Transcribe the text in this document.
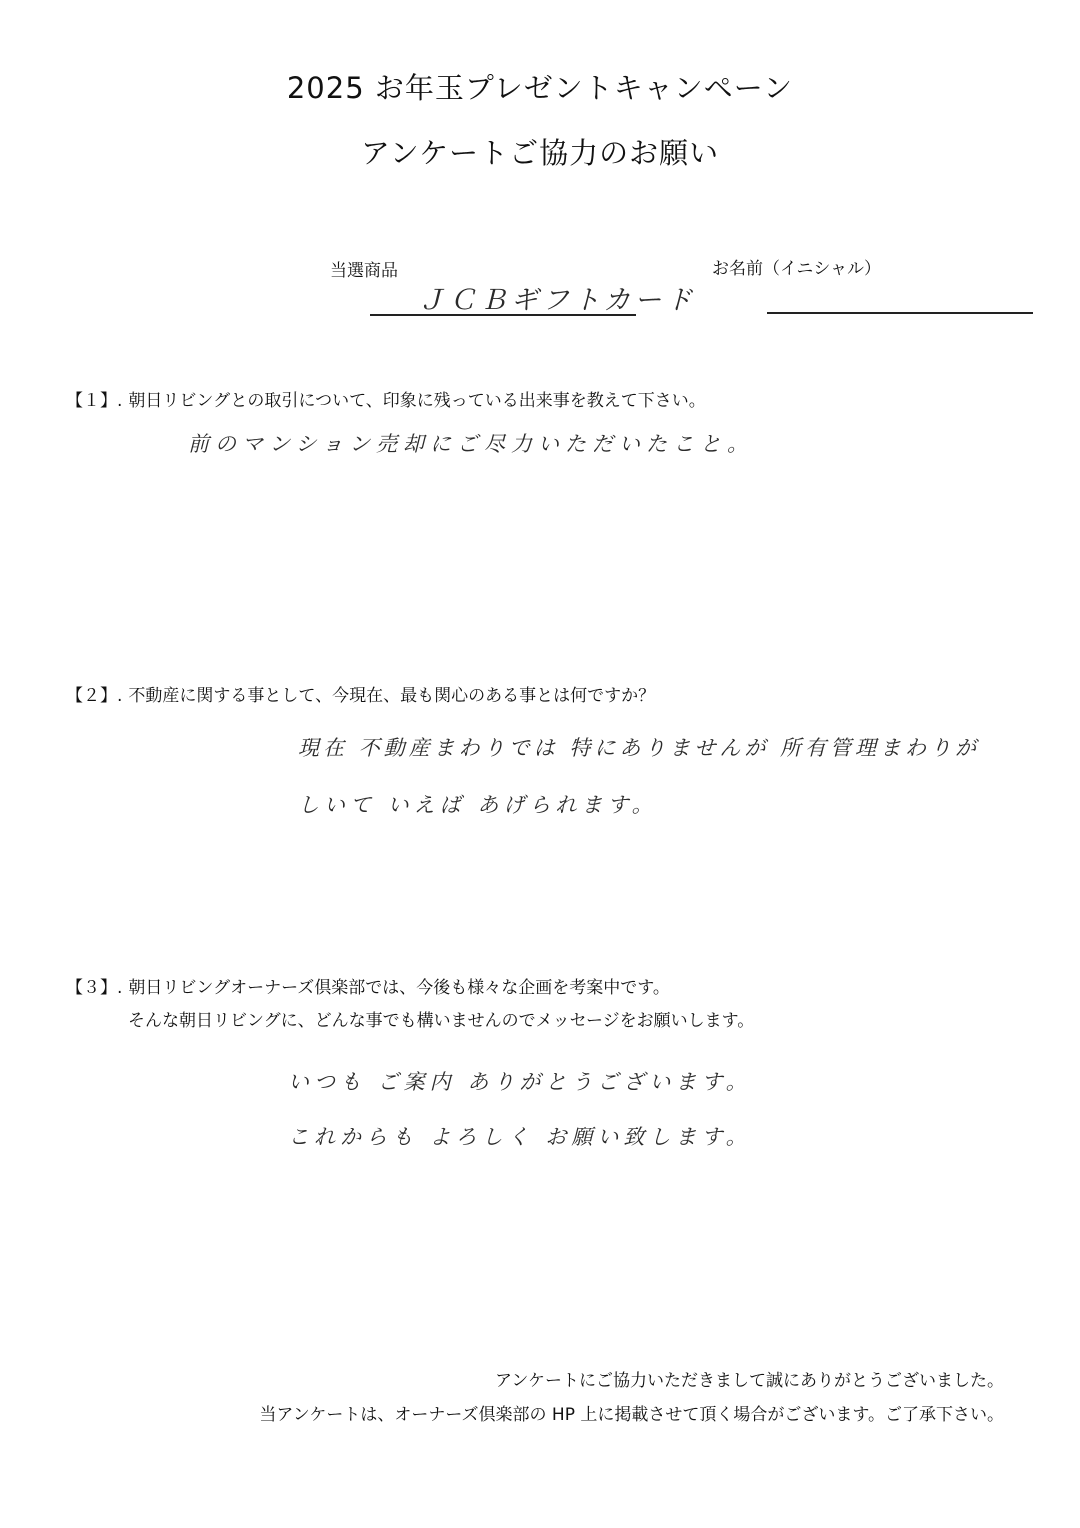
2025 お年玉プレゼントキャンペーン
アンケートご協力のお願い
当選商品
ＪＣＢギフトカード
お名前（イニシャル）
【１】. 朝日リビングとの取引について、印象に残っている出来事を教えて下さい。
前のマンション売却にご尽力いただいたこと。
【２】. 不動産に関する事として、今現在、最も関心のある事とは何ですか？
現在 不動産まわりでは 特にありませんが 所有管理まわりが
しいて いえば あげられます。
【３】. 朝日リビングオーナーズ倶楽部では、今後も様々な企画を考案中です。
そんな朝日リビングに、どんな事でも構いませんのでメッセージをお願いします。
いつも ご案内 ありがとうございます。
これからも よろしく お願い致します。
アンケートにご協力いただきまして誠にありがとうございました。
当アンケートは、オーナーズ倶楽部の HP 上に掲載させて頂く場合がございます。ご了承下さい。
